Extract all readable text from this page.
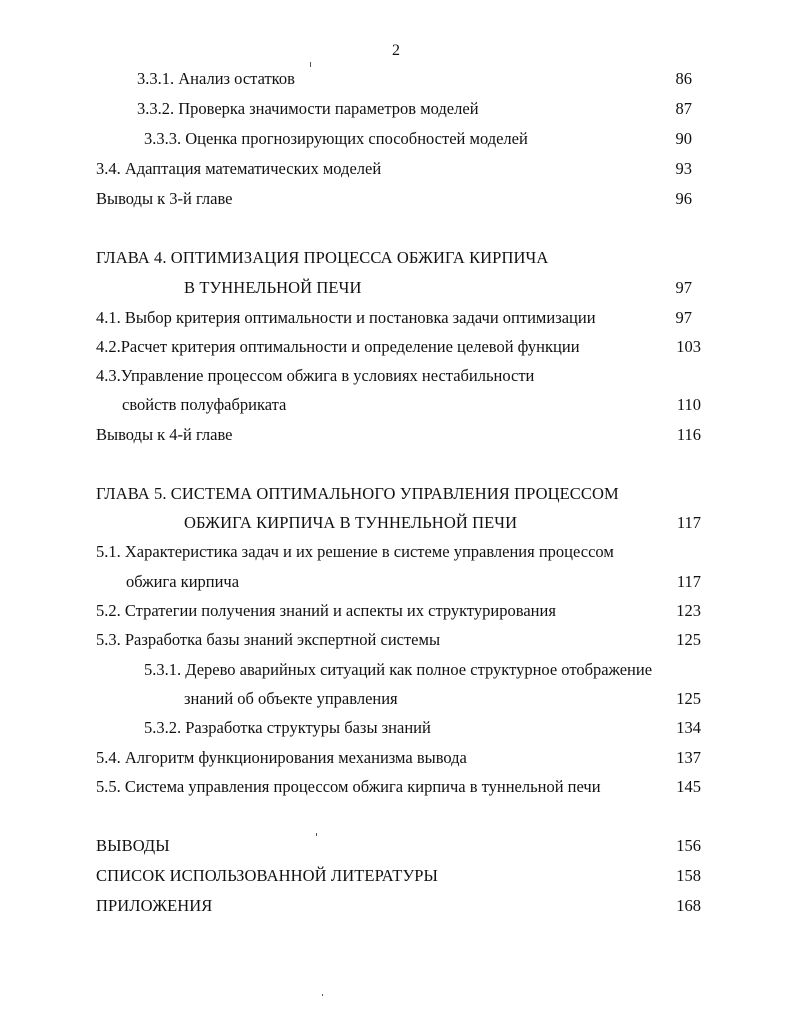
2
3.3.1. Анализ остатков	86
3.3.2. Проверка значимости параметров моделей	87
3.3.3. Оценка прогнозирующих способностей моделей	90
3.4. Адаптация математических моделей	93
Выводы к 3-й главе	96
ГЛАВА 4. ОПТИМИЗАЦИЯ ПРОЦЕССА ОБЖИГА КИРПИЧА
В ТУННЕЛЬНОЙ ПЕЧИ	97
4.1. Выбор критерия оптимальности и постановка задачи оптимизации	97
4.2.Расчет критерия оптимальности и определение целевой функции	103
4.3.Управление процессом обжига в условиях нестабильности
свойств полуфабриката	110
Выводы к 4-й главе	116
ГЛАВА 5. СИСТЕМА ОПТИМАЛЬНОГО УПРАВЛЕНИЯ ПРОЦЕССОМ
ОБЖИГА КИРПИЧА В ТУННЕЛЬНОЙ ПЕЧИ	117
5.1. Характеристика задач и их решение в системе управления процессом
обжига кирпича	117
5.2. Стратегии получения знаний и аспекты их структурирования	123
5.3. Разработка базы знаний экспертной системы	125
5.3.1. Дерево аварийных ситуаций как полное структурное отображение
знаний об объекте управления	125
5.3.2. Разработка структуры базы знаний	134
5.4. Алгоритм функционирования механизма вывода	137
5.5. Система управления процессом обжига кирпича в туннельной печи	145
ВЫВОДЫ	156
СПИСОК ИСПОЛЬЗОВАННОЙ ЛИТЕРАТУРЫ	158
ПРИЛОЖЕНИЯ	168
